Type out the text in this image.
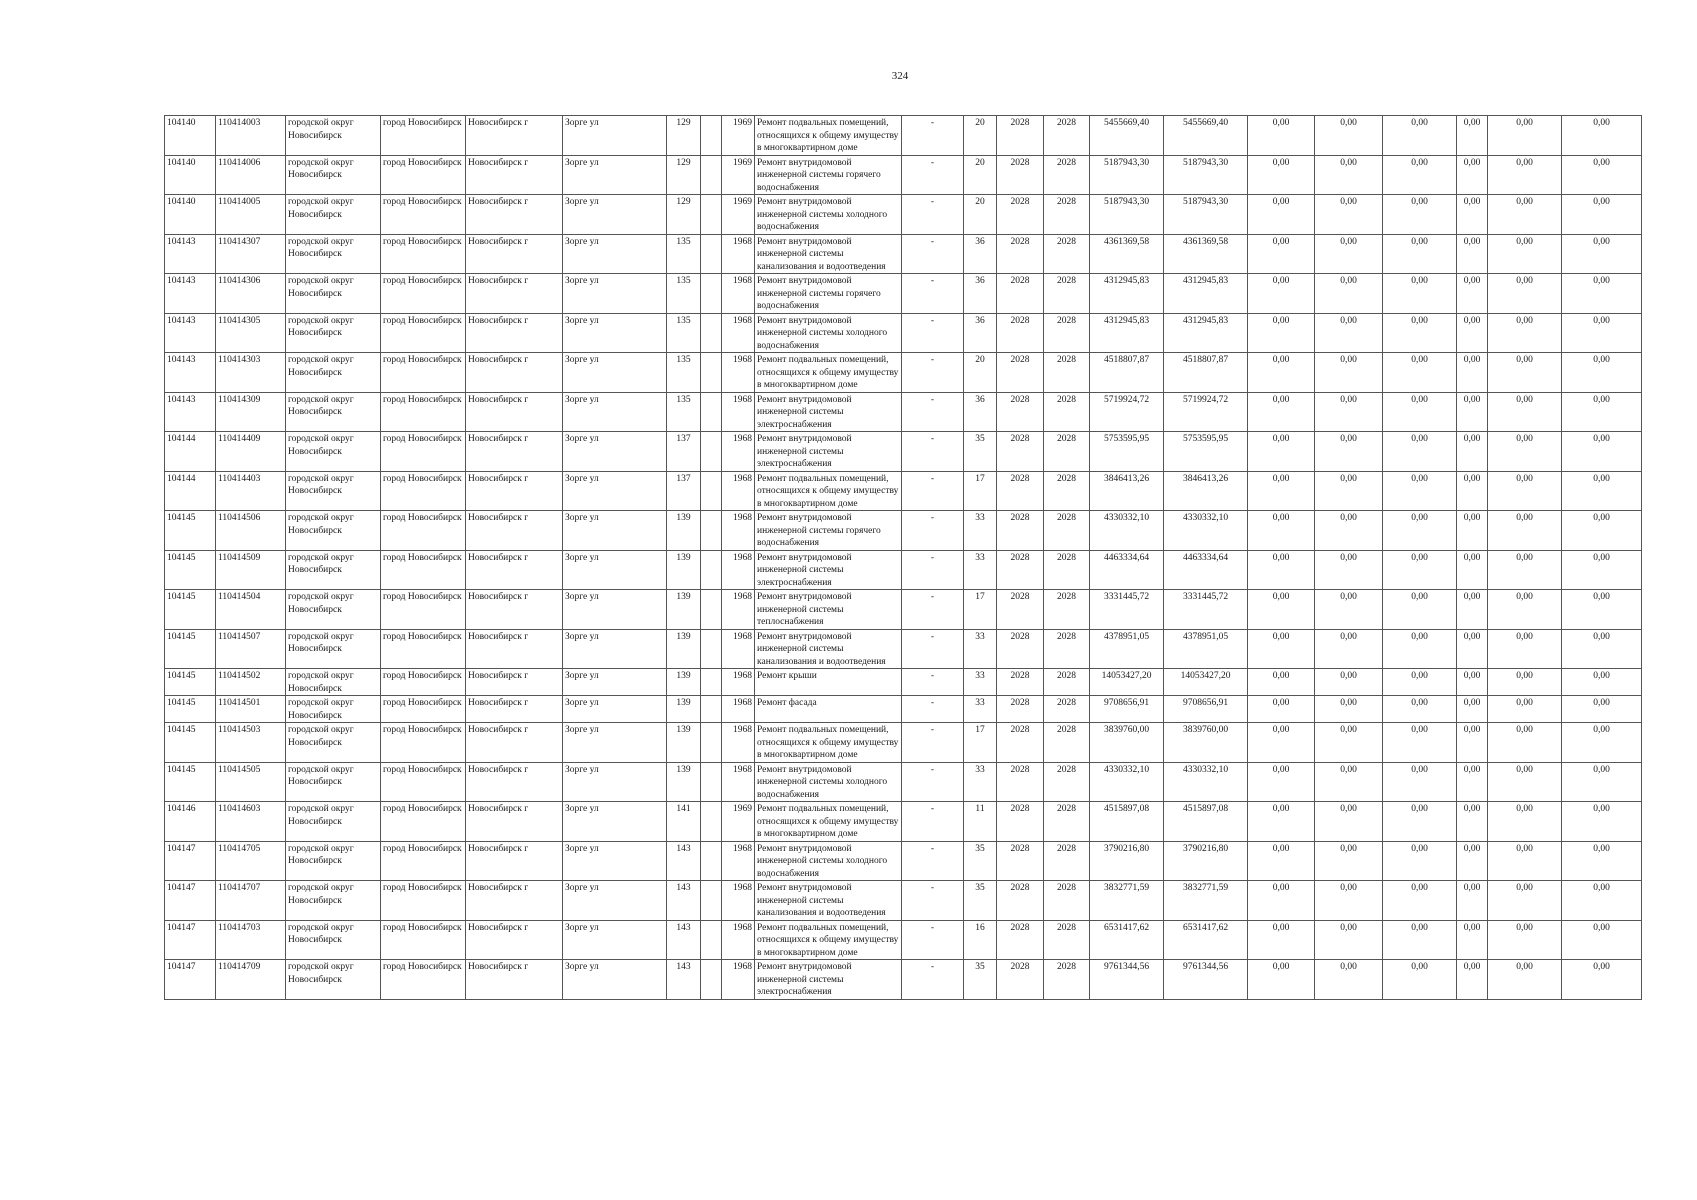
324
104140	110414003	городской округ Новосибирск	город Новосибирск	Новосибирск г	Зорге ул	129		1969	Ремонт подвальных помещений, относящихся к общему имуществу в многоквартирном доме	-	20	2028	2028	5455669,40	5455669,40	0,00	0,00	0,00	0,00	0,00	0,00
104140	110414006	городской округ Новосибирск	город Новосибирск	Новосибирск г	Зорге ул	129		1969	Ремонт внутридомовой инженерной системы горячего водоснабжения	-	20	2028	2028	5187943,30	5187943,30	0,00	0,00	0,00	0,00	0,00	0,00
104140	110414005	городской округ Новосибирск	город Новосибирск	Новосибирск г	Зорге ул	129		1969	Ремонт внутридомовой инженерной системы холодного водоснабжения	-	20	2028	2028	5187943,30	5187943,30	0,00	0,00	0,00	0,00	0,00	0,00
104143	110414307	городской округ Новосибирск	город Новосибирск	Новосибирск г	Зорге ул	135		1968	Ремонт внутридомовой инженерной системы канализования и водоотведения	-	36	2028	2028	4361369,58	4361369,58	0,00	0,00	0,00	0,00	0,00	0,00
104143	110414306	городской округ Новосибирск	город Новосибирск	Новосибирск г	Зорге ул	135		1968	Ремонт внутридомовой инженерной системы горячего водоснабжения	-	36	2028	2028	4312945,83	4312945,83	0,00	0,00	0,00	0,00	0,00	0,00
104143	110414305	городской округ Новосибирск	город Новосибирск	Новосибирск г	Зорге ул	135		1968	Ремонт внутридомовой инженерной системы холодного водоснабжения	-	36	2028	2028	4312945,83	4312945,83	0,00	0,00	0,00	0,00	0,00	0,00
104143	110414303	городской округ Новосибирск	город Новосибирск	Новосибирск г	Зорге ул	135		1968	Ремонт подвальных помещений, относящихся к общему имуществу в многоквартирном доме	-	20	2028	2028	4518807,87	4518807,87	0,00	0,00	0,00	0,00	0,00	0,00
104143	110414309	городской округ Новосибирск	город Новосибирск	Новосибирск г	Зорге ул	135		1968	Ремонт внутридомовой инженерной системы электроснабжения	-	36	2028	2028	5719924,72	5719924,72	0,00	0,00	0,00	0,00	0,00	0,00
104144	110414409	городской округ Новосибирск	город Новосибирск	Новосибирск г	Зорге ул	137		1968	Ремонт внутридомовой инженерной системы электроснабжения	-	35	2028	2028	5753595,95	5753595,95	0,00	0,00	0,00	0,00	0,00	0,00
104144	110414403	городской округ Новосибирск	город Новосибирск	Новосибирск г	Зорге ул	137		1968	Ремонт подвальных помещений, относящихся к общему имуществу в многоквартирном доме	-	17	2028	2028	3846413,26	3846413,26	0,00	0,00	0,00	0,00	0,00	0,00
104145	110414506	городской округ Новосибирск	город Новосибирск	Новосибирск г	Зорге ул	139		1968	Ремонт внутридомовой инженерной системы горячего водоснабжения	-	33	2028	2028	4330332,10	4330332,10	0,00	0,00	0,00	0,00	0,00	0,00
104145	110414509	городской округ Новосибирск	город Новосибирск	Новосибирск г	Зорге ул	139		1968	Ремонт внутридомовой инженерной системы электроснабжения	-	33	2028	2028	4463334,64	4463334,64	0,00	0,00	0,00	0,00	0,00	0,00
104145	110414504	городской округ Новосибирск	город Новосибирск	Новосибирск г	Зорге ул	139		1968	Ремонт внутридомовой инженерной системы теплоснабжения	-	17	2028	2028	3331445,72	3331445,72	0,00	0,00	0,00	0,00	0,00	0,00
104145	110414507	городской округ Новосибирск	город Новосибирск	Новосибирск г	Зорге ул	139		1968	Ремонт внутридомовой инженерной системы канализования и водоотведения	-	33	2028	2028	4378951,05	4378951,05	0,00	0,00	0,00	0,00	0,00	0,00
104145	110414502	городской округ Новосибирск	город Новосибирск	Новосибирск г	Зорге ул	139		1968	Ремонт крыши	-	33	2028	2028	14053427,20	14053427,20	0,00	0,00	0,00	0,00	0,00	0,00
104145	110414501	городской округ Новосибирск	город Новосибирск	Новосибирск г	Зорге ул	139		1968	Ремонт фасада	-	33	2028	2028	9708656,91	9708656,91	0,00	0,00	0,00	0,00	0,00	0,00
104145	110414503	городской округ Новосибирск	город Новосибирск	Новосибирск г	Зорге ул	139		1968	Ремонт подвальных помещений, относящихся к общему имуществу в многоквартирном доме	-	17	2028	2028	3839760,00	3839760,00	0,00	0,00	0,00	0,00	0,00	0,00
104145	110414505	городской округ Новосибирск	город Новосибирск	Новосибирск г	Зорге ул	139		1968	Ремонт внутридомовой инженерной системы холодного водоснабжения	-	33	2028	2028	4330332,10	4330332,10	0,00	0,00	0,00	0,00	0,00	0,00
104146	110414603	городской округ Новосибирск	город Новосибирск	Новосибирск г	Зорге ул	141		1969	Ремонт подвальных помещений, относящихся к общему имуществу в многоквартирном доме	-	11	2028	2028	4515897,08	4515897,08	0,00	0,00	0,00	0,00	0,00	0,00
104147	110414705	городской округ Новосибирск	город Новосибирск	Новосибирск г	Зорге ул	143		1968	Ремонт внутридомовой инженерной системы холодного водоснабжения	-	35	2028	2028	3790216,80	3790216,80	0,00	0,00	0,00	0,00	0,00	0,00
104147	110414707	городской округ Новосибирск	город Новосибирск	Новосибирск г	Зорге ул	143		1968	Ремонт внутридомовой инженерной системы канализования и водоотведения	-	35	2028	2028	3832771,59	3832771,59	0,00	0,00	0,00	0,00	0,00	0,00
104147	110414703	городской округ Новосибирск	город Новосибирск	Новосибирск г	Зорге ул	143		1968	Ремонт подвальных помещений, относящихся к общему имуществу в многоквартирном доме	-	16	2028	2028	6531417,62	6531417,62	0,00	0,00	0,00	0,00	0,00	0,00
104147	110414709	городской округ Новосибирск	город Новосибирск	Новосибирск г	Зорге ул	143		1968	Ремонт внутридомовой инженерной системы электроснабжения	-	35	2028	2028	9761344,56	9761344,56	0,00	0,00	0,00	0,00	0,00	0,00
